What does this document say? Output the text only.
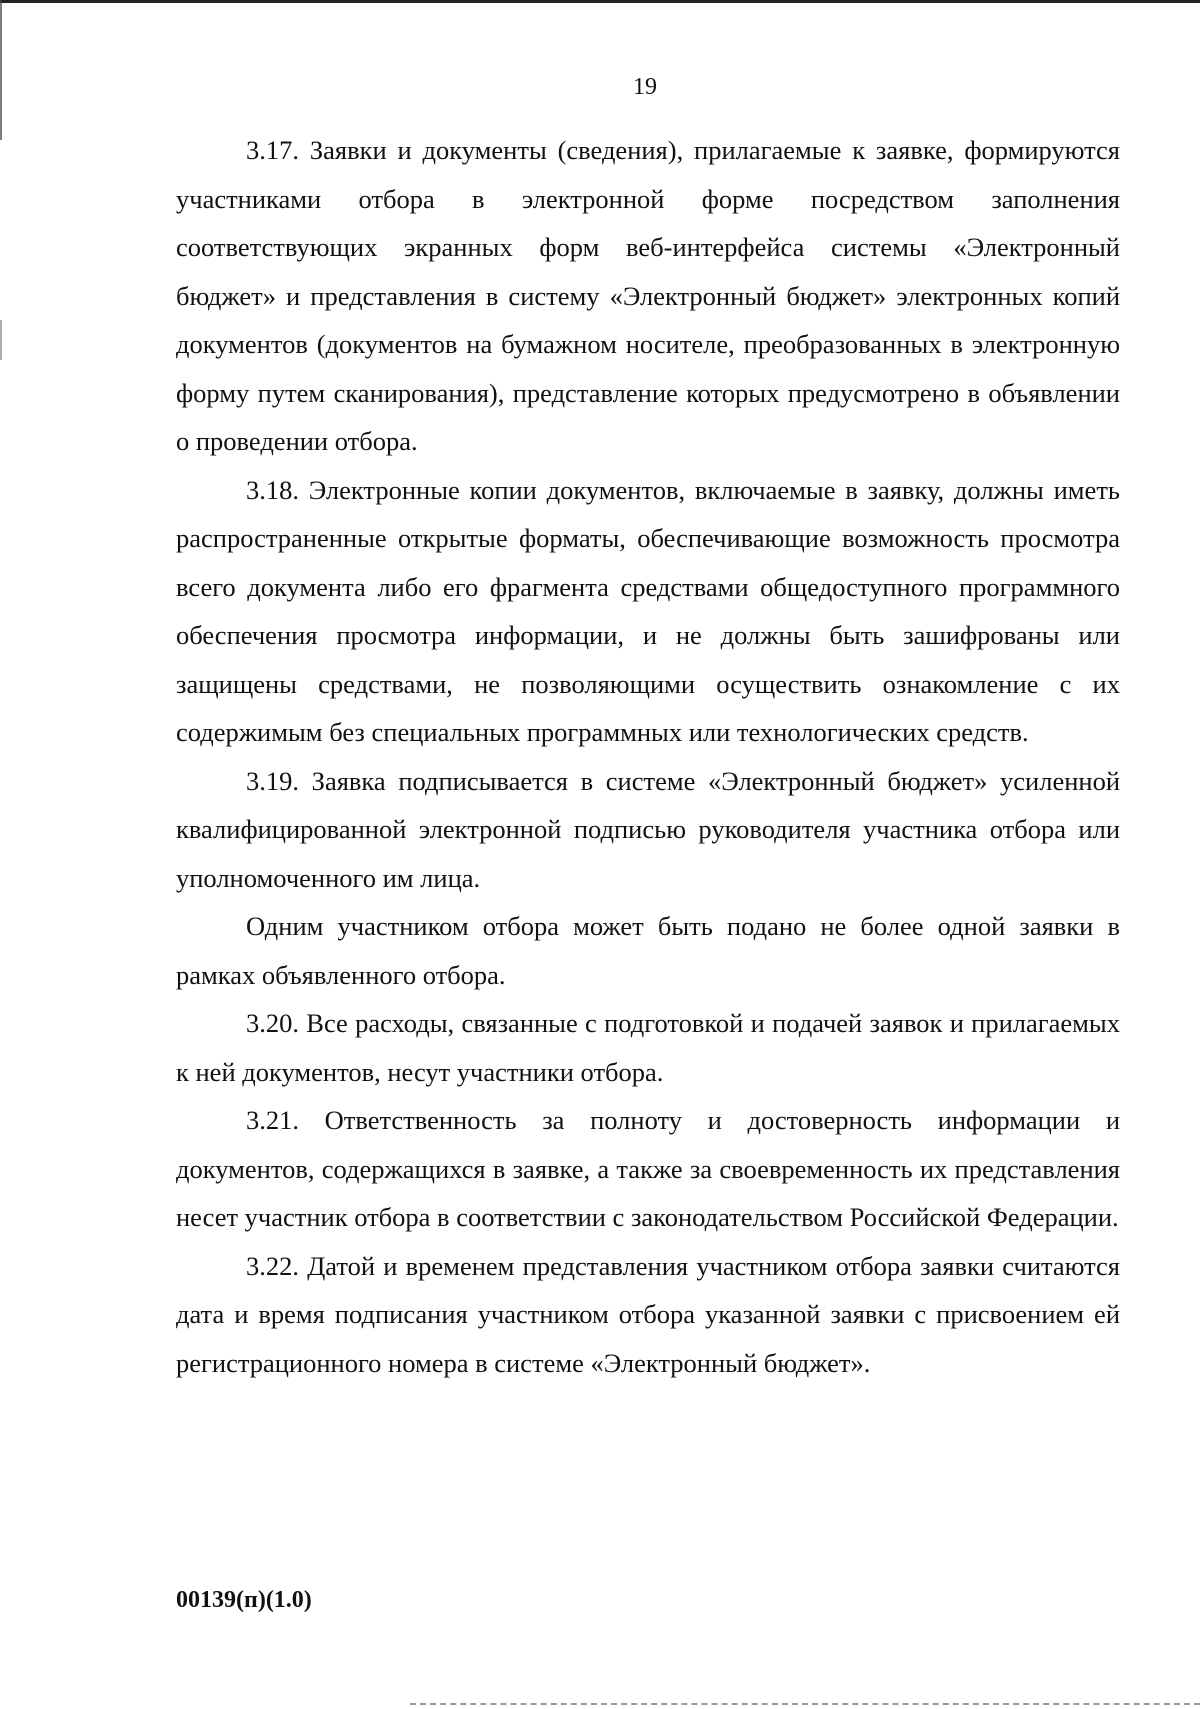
19

3.17. Заявки и документы (сведения), прилагаемые к заявке, формируются участниками отбора в электронной форме посредством заполнения соответствующих экранных форм веб-интерфейса системы «Электронный бюджет» и представления в систему «Электронный бюджет» электронных копий документов (документов на бумажном носителе, преобразованных в электронную форму путем сканирования), представление которых предусмотрено в объявлении о проведении отбора.

3.18. Электронные копии документов, включаемые в заявку, должны иметь распространенные открытые форматы, обеспечивающие возможность просмотра всего документа либо его фрагмента средствами общедоступного программного обеспечения просмотра информации, и не должны быть зашифрованы или защищены средствами, не позволяющими осуществить ознакомление с их содержимым без специальных программных или технологических средств.

3.19. Заявка подписывается в системе «Электронный бюджет» усиленной квалифицированной электронной подписью руководителя участника отбора или уполномоченного им лица.

Одним участником отбора может быть подано не более одной заявки в рамках объявленного отбора.

3.20. Все расходы, связанные с подготовкой и подачей заявок и прилагаемых к ней документов, несут участники отбора.

3.21. Ответственность за полноту и достоверность информации и документов, содержащихся в заявке, а также за своевременность их представления несет участник отбора в соответствии с законодательством Российской Федерации.

3.22. Датой и временем представления участником отбора заявки считаются дата и время подписания участником отбора указанной заявки с присвоением ей регистрационного номера в системе «Электронный бюджет».

00139(п)(1.0)
